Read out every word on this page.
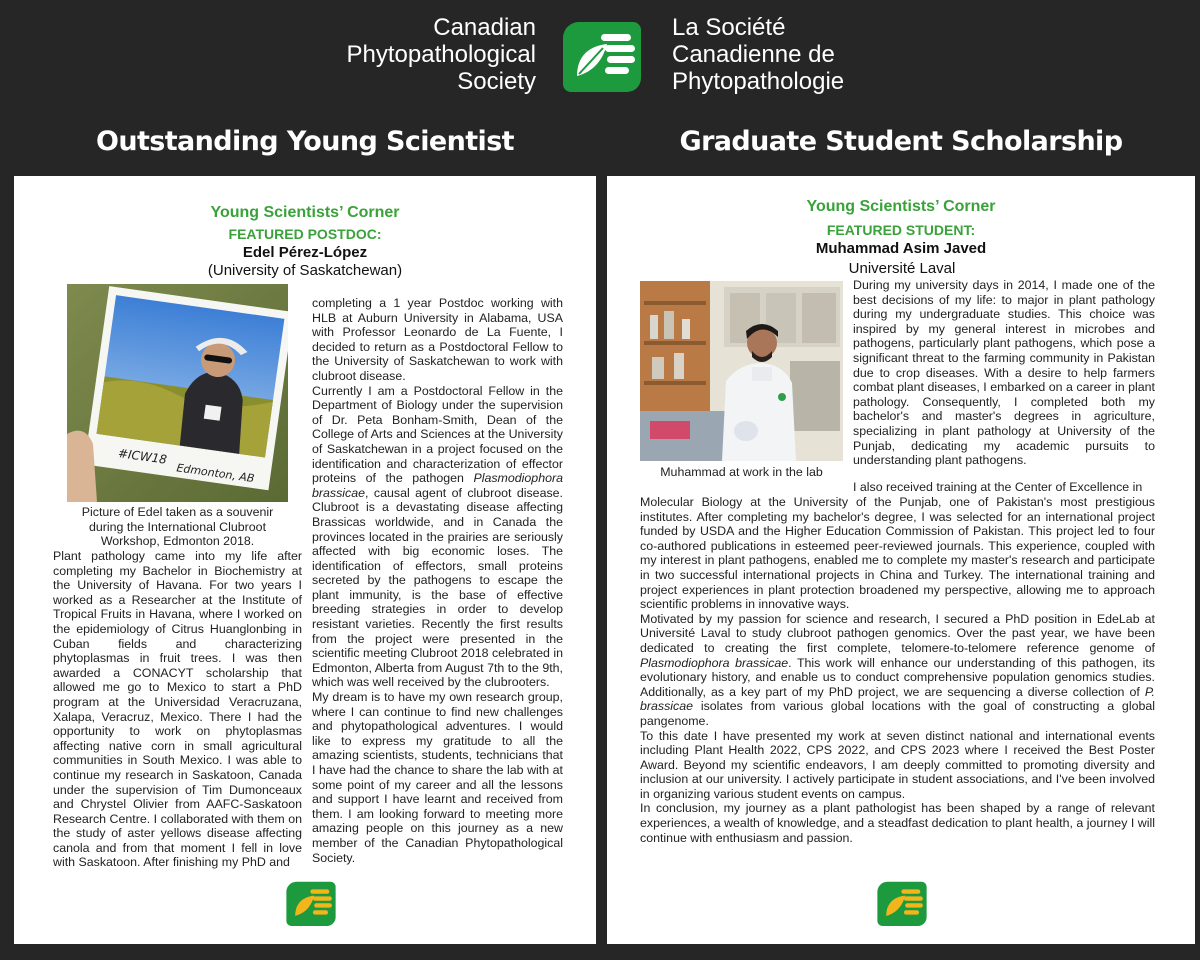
Canadian
Phytopathological
Society
La Société
Canadienne de
Phytopathologie
Outstanding Young Scientist	Graduate Student Scholarship
Young Scientists’ Corner
FEATURED POSTDOC:
Edel Pérez-López
(University of Saskatchewan)
#ICW18
Edmonton, AB
Picture of Edel taken as a souvenir
during the International Clubroot
Workshop, Edmonton 2018.
Plant pathology came into my life after completing my Bachelor in Biochemistry at the University of Havana. For two years I worked as a Researcher at the Institute of Tropical Fruits in Havana, where I worked on the epidemiology of Citrus Huanglonbing in Cuban fields and characterizing phytoplasmas in fruit trees. I was then awarded a CONACYT scholarship that allowed me go to Mexico to start a PhD program at the Universidad Veracruzana, Xalapa, Veracruz, Mexico. There I had the opportunity to work on phytoplasmas affecting native corn in small agricultural communities in South Mexico. I was able to continue my research in Saskatoon, Canada under the supervision of Tim Dumonceaux and Chrystel Olivier from AAFC-Saskatoon Research Centre. I collaborated with them on the study of aster yellows disease affecting canola and from that moment I fell in love with Saskatoon. After finishing my PhD and

completing a 1 year Postdoc working with HLB at Auburn University in Alabama, USA with Professor Leonardo de La Fuente, I decided to return as a Postdoctoral Fellow to the University of Saskatchewan to work with clubroot disease.

Currently I am a Postdoctoral Fellow in the Department of Biology under the supervision of Dr. Peta Bonham-Smith, Dean of the College of Arts and Sciences at the University of Saskatchewan in a project focused on the identification and characterization of effector proteins of the pathogen Plasmodiophora brassicae, causal agent of clubroot disease. Clubroot is a devastating disease affecting Brassicas worldwide, and in Canada the provinces located in the prairies are seriously affected with big economic loses. The identification of effectors, small proteins secreted by the pathogens to escape the plant immunity, is the base of effective breeding strategies in order to develop resistant varieties. Recently the first results from the project were presented in the scientific meeting Clubroot 2018 celebrated in Edmonton, Alberta from August 7th to the 9th, which was well received by the clubrooters.

My dream is to have my own research group, where I can continue to find new challenges and phytopathological adventures. I would like to express my gratitude to all the amazing scientists, students, technicians that I have had the chance to share the lab with at some point of my career and all the lessons and support I have learnt and received from them. I am looking forward to meeting more amazing people on this journey as a new member of the Canadian Phytopathological Society.

Young Scientists’ Corner
FEATURED STUDENT:
Muhammad Asim Javed
Université Laval
Muhammad at work in the lab
During my university days in 2014, I made one of the best decisions of my life: to major in plant pathology during my undergraduate studies. This choice was inspired by my general interest in microbes and pathogens, particularly plant pathogens, which pose a significant threat to the farming community in Pakistan due to crop diseases. With a desire to help farmers combat plant diseases, I embarked on a career in plant pathology. Consequently, I completed both my bachelor's and master's degrees in agriculture, specializing in plant pathology at University of the Punjab, dedicating my academic pursuits to understanding plant pathogens.
I also received training at the Center of Excellence in

Molecular Biology at the University of the Punjab, one of Pakistan's most prestigious institutes. After completing my bachelor's degree, I was selected for an international project funded by USDA and the Higher Education Commission of Pakistan. This project led to four co-authored publications in esteemed peer-reviewed journals. This experience, coupled with my interest in plant pathogens, enabled me to complete my master's research and participate in two successful international projects in China and Turkey. The international training and project experiences in plant protection broadened my perspective, allowing me to approach scientific problems in innovative ways.

Motivated by my passion for science and research, I secured a PhD position in EdeLab at Université Laval to study clubroot pathogen genomics. Over the past year, we have been dedicated to creating the first complete, telomere-to-telomere reference genome of Plasmodiophora brassicae. This work will enhance our understanding of this pathogen, its evolutionary history, and enable us to conduct comprehensive population genomics studies. Additionally, as a key part of my PhD project, we are sequencing a diverse collection of P. brassicae isolates from various global locations with the goal of constructing a global pangenome.

To this date I have presented my work at seven distinct national and international events including Plant Health 2022, CPS 2022, and CPS 2023 where I received the Best Poster Award. Beyond my scientific endeavors, I am deeply committed to promoting diversity and inclusion at our university. I actively participate in student associations, and I've been involved in organizing various student events on campus.

In conclusion, my journey as a plant pathologist has been shaped by a range of relevant experiences, a wealth of knowledge, and a steadfast dedication to plant health, a journey I will continue with enthusiasm and passion.
